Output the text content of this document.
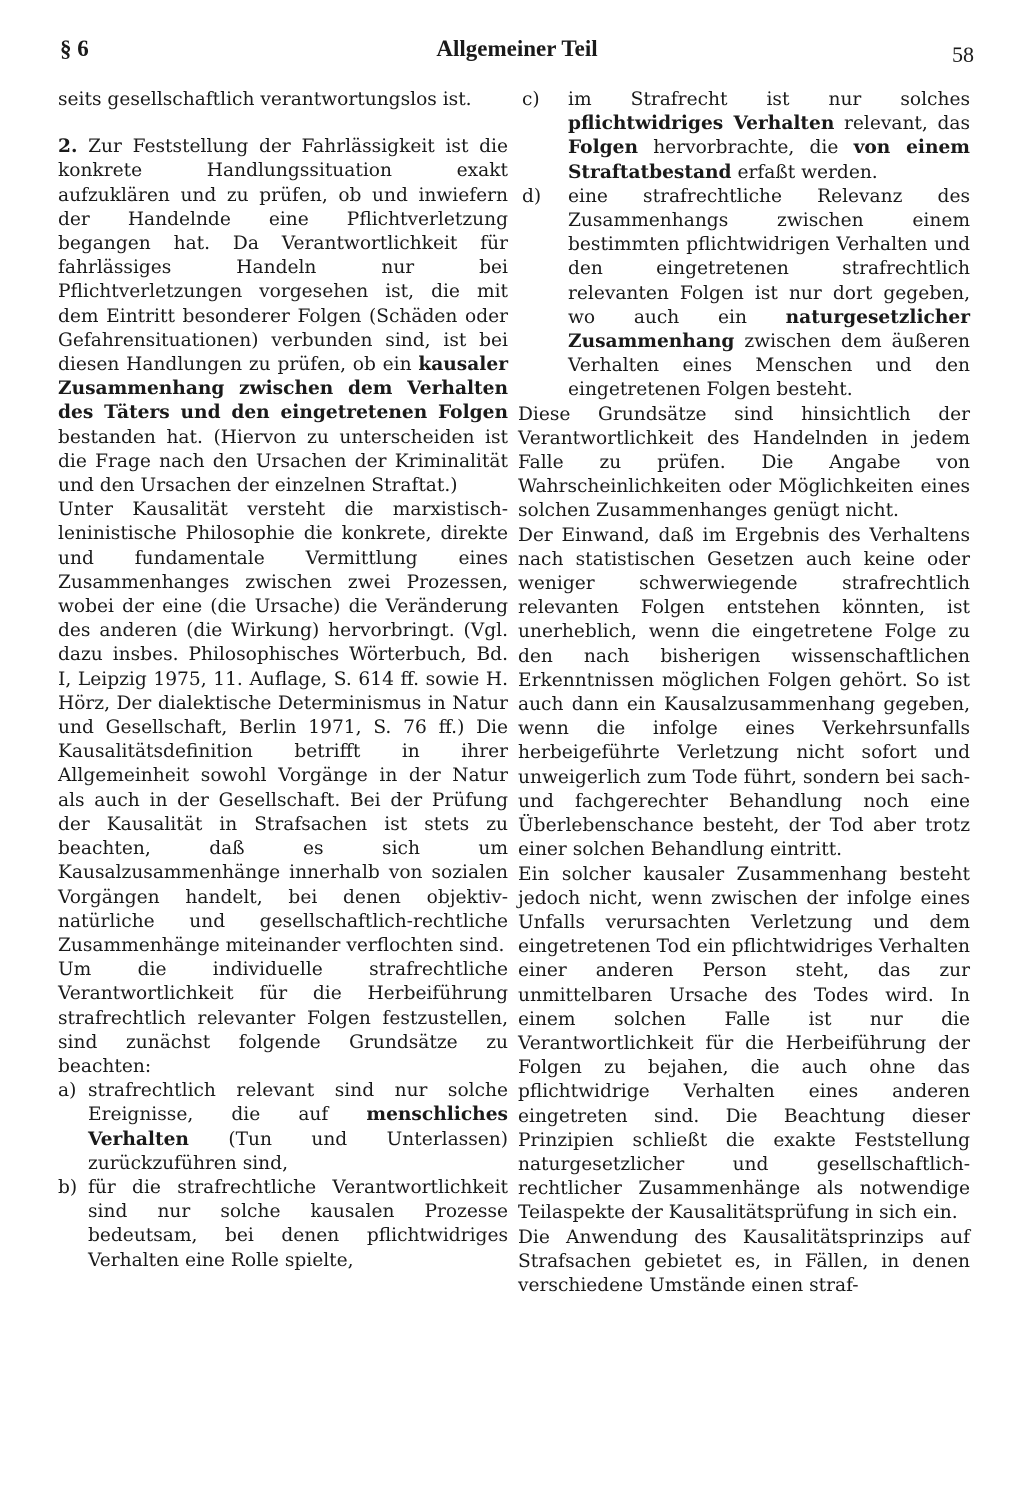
§ 6	Allgemeiner Teil	58

seits gesellschaftlich verantwortungslos ist.

2. Zur Feststellung der Fahrlässigkeit ist die konkrete Handlungssituation exakt aufzuklären und zu prüfen, ob und inwiefern der Handelnde eine Pflichtverletzung begangen hat. Da Verantwortlichkeit für fahrlässiges Handeln nur bei Pflichtverletzungen vorgesehen ist, die mit dem Eintritt besonderer Folgen (Schäden oder Gefahrensituationen) verbunden sind, ist bei diesen Handlungen zu prüfen, ob ein kausaler Zusammenhang zwischen dem Verhalten des Täters und den eingetretenen Folgen bestanden hat. (Hiervon zu unterscheiden ist die Frage nach den Ursachen der Kriminalität und den Ursachen der einzelnen Straftat.)

Unter Kausalität versteht die marxistisch-leninistische Philosophie die konkrete, direkte und fundamentale Vermittlung eines Zusammenhanges zwischen zwei Prozessen, wobei der eine (die Ursache) die Veränderung des anderen (die Wirkung) hervorbringt. (Vgl. dazu insbes. Philosophisches Wörterbuch, Bd. I, Leipzig 1975, 11. Auflage, S. 614 ff. sowie H. Hörz, Der dialektische Determinismus in Natur und Gesellschaft, Berlin 1971, S. 76 ff.) Die Kausalitätsdefinition betrifft in ihrer Allgemeinheit sowohl Vorgänge in der Natur als auch in der Gesellschaft. Bei der Prüfung der Kausalität in Strafsachen ist stets zu beachten, daß es sich um Kausalzusammenhänge innerhalb von sozialen Vorgängen handelt, bei denen objektiv-natürliche und gesellschaftlich-rechtliche Zusammenhänge miteinander verflochten sind.

Um die individuelle strafrechtliche Verantwortlichkeit für die Herbeiführung strafrechtlich relevanter Folgen festzustellen, sind zunächst folgende Grundsätze zu beachten:

a) strafrechtlich relevant sind nur solche Ereignisse, die auf menschliches Verhalten (Tun und Unterlassen) zurückzuführen sind,

b) für die strafrechtliche Verantwortlichkeit sind nur solche kausalen Prozesse bedeutsam, bei denen pflichtwidriges Verhalten eine Rolle spielte,

c) im Strafrecht ist nur solches pflichtwidriges Verhalten relevant, das Folgen hervorbrachte, die von einem Straftatbestand erfaßt werden.

d) eine strafrechtliche Relevanz des Zusammenhangs zwischen einem bestimmten pflichtwidrigen Verhalten und den eingetretenen strafrechtlich relevanten Folgen ist nur dort gegeben, wo auch ein naturgesetzlicher Zusammenhang zwischen dem äußeren Verhalten eines Menschen und den eingetretenen Folgen besteht.

Diese Grundsätze sind hinsichtlich der Verantwortlichkeit des Handelnden in jedem Falle zu prüfen. Die Angabe von Wahrscheinlichkeiten oder Möglichkeiten eines solchen Zusammenhanges genügt nicht.

Der Einwand, daß im Ergebnis des Verhaltens nach statistischen Gesetzen auch keine oder weniger schwerwiegende strafrechtlich relevanten Folgen entstehen könnten, ist unerheblich, wenn die eingetretene Folge zu den nach bisherigen wissenschaftlichen Erkenntnissen möglichen Folgen gehört. So ist auch dann ein Kausalzusammenhang gegeben, wenn die infolge eines Verkehrsunfalls herbeigeführte Verletzung nicht sofort und unweigerlich zum Tode führt, sondern bei sach- und fachgerechter Behandlung noch eine Überlebenschance besteht, der Tod aber trotz einer solchen Behandlung eintritt.

Ein solcher kausaler Zusammenhang besteht jedoch nicht, wenn zwischen der infolge eines Unfalls verursachten Verletzung und dem eingetretenen Tod ein pflichtwidriges Verhalten einer anderen Person steht, das zur unmittelbaren Ursache des Todes wird. In einem solchen Falle ist nur die Verantwortlichkeit für die Herbeiführung der Folgen zu bejahen, die auch ohne das pflichtwidrige Verhalten eines anderen eingetreten sind. Die Beachtung dieser Prinzipien schließt die exakte Feststellung naturgesetzlicher und gesellschaftlich-rechtlicher Zusammenhänge als notwendige Teilaspekte der Kausalitätsprüfung in sich ein.

Die Anwendung des Kausalitätsprinzips auf Strafsachen gebietet es, in Fällen, in denen verschiedene Umstände einen straf-
